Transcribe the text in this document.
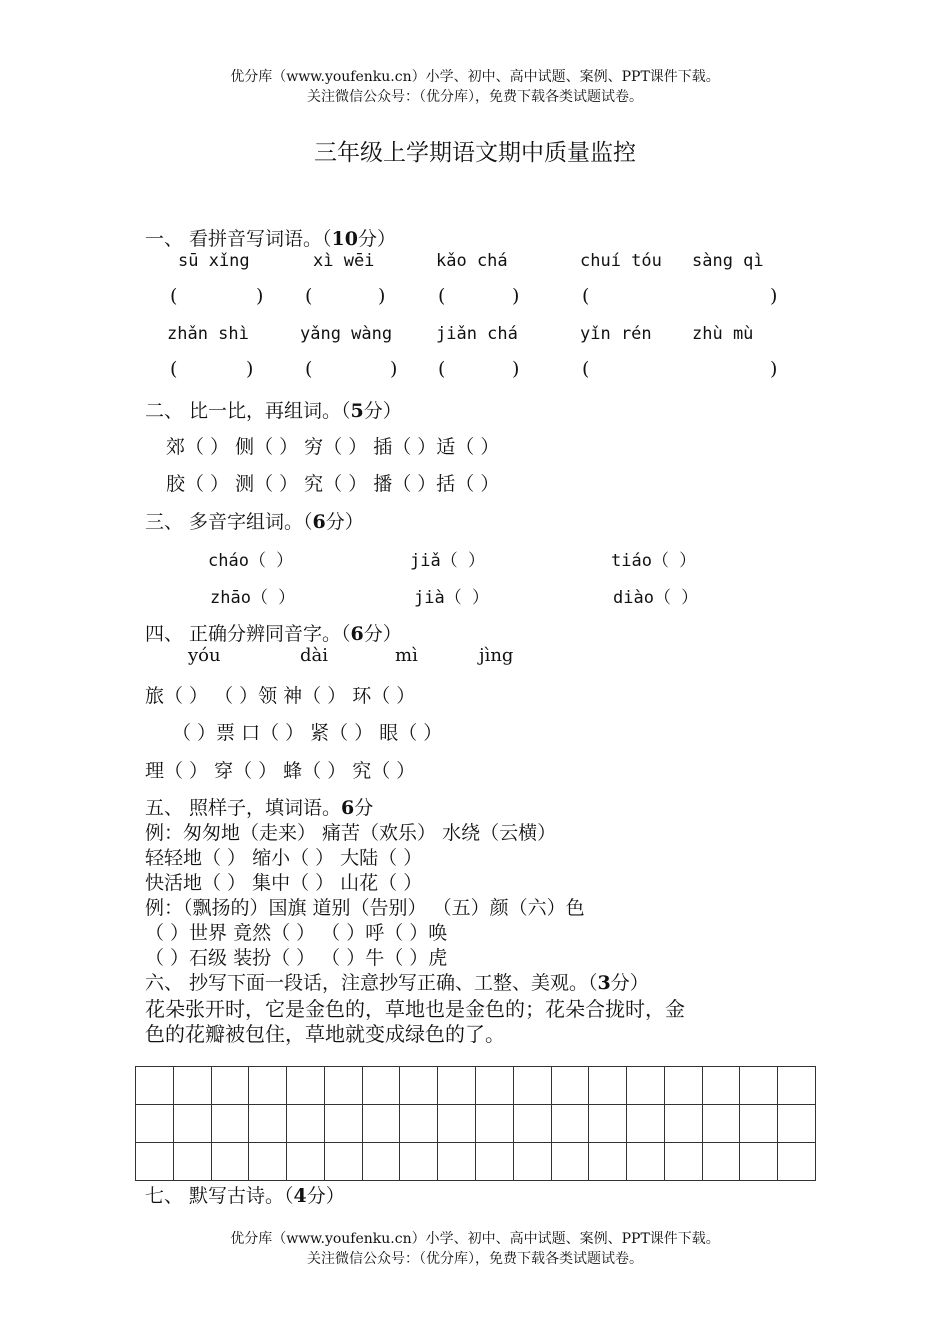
优分库（www.youfenku.cn）小学、初中、高中试题、案例、PPT课件下载。
关注微信公众号：（优分库），免费下载各类试题试卷。
三年级上学期语文期中质量监控
一、 看拼音写词语。（10分）
sū xǐng	xì wēi	kǎo chá	chuí tóu sàng qì
(	) (	)	(	)	(	)
zhǎn shì	yǎng wàng	jiǎn chá	yǐn rén zhù mù
(	)	(	) (	)	(	)
二、 比一比，再组词。（5分）
郊（ ） 侧（ ） 穷（ ） 插（ ）适（ ）
胶（ ） 测（ ） 究（ ） 播（ ）括（ ）
三、 多音字组词。（6分）
cháo（ ）	jiǎ（ ）	tiáo（ ）
zhāo（ ）	jià（ ）	diào（ ）
四、 正确分辨同音字。（6分）
yóu	dài	mì	jìng
旅（ ） （ ）领 神（ ） 环（ ）
（ ）票 口（ ） 紧（ ） 眼（ ）
理（ ） 穿（ ） 蜂（ ） 究（ ）
五、 照样子，填词语。6分
例：匆匆地（走来） 痛苦（欢乐） 水绕（云横）
轻轻地（ ） 缩小（ ） 大陆（ ）
快活地（ ） 集中（ ） 山花（ ）
例：（飘扬的）国旗 道别（告别） （五）颜（六）色
（ ）世界 竟然（ ） （ ）呼（ ）唤
（ ）石级 装扮（ ） （ ）牛（ ）虎
六、 抄写下面一段话，注意抄写正确、工整、美观。（3分）
花朵张开时，它是金色的，草地也是金色的；花朵合拢时，金
色的花瓣被包住，草地就变成绿色的了。
七、 默写古诗。（4分）
优分库（www.youfenku.cn）小学、初中、高中试题、案例、PPT课件下载。
关注微信公众号：（优分库），免费下载各类试题试卷。
